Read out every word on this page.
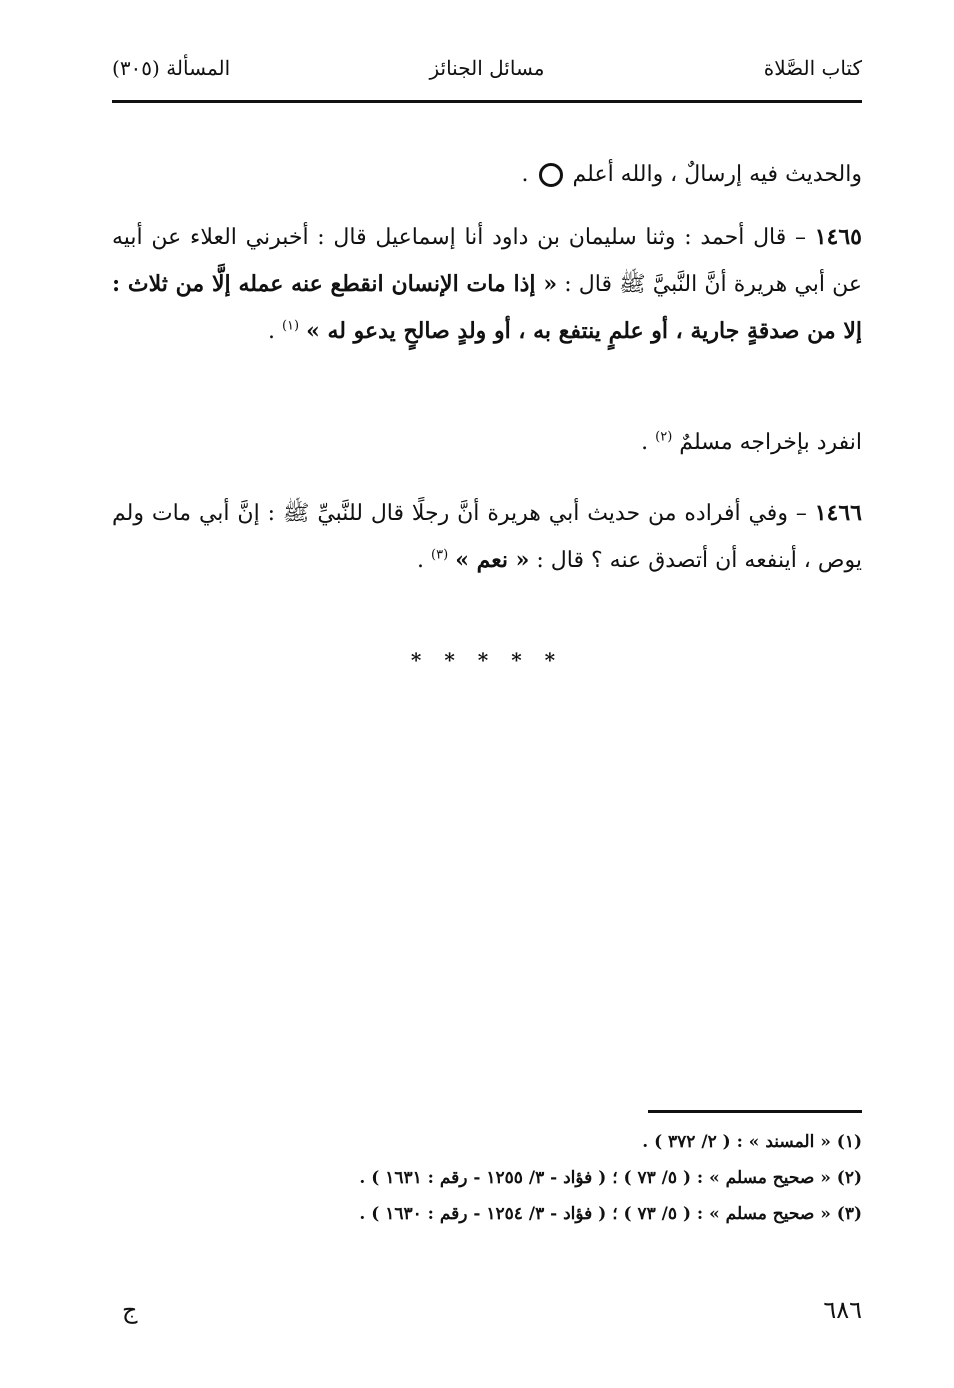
كتاب الصَّلاة
مسائل الجنائز
المسألة (٣٠٥)
والحديث فيه إرسالٌ ، والله أعلم.
١٤٦٥ – قال أحمد : وثنا سليمان بن داود أنا إسماعيل قال : أخبرني العلاء عن أبيه عن أبي هريرة أنَّ النَّبيَّ ﷺ قال : « إذا مات الإنسان انقطع عنه عمله إلَّا من ثلاث : إلا من صدقةٍ جارية ، أو علمٍ ينتفع به ، أو ولدٍ صالحٍ يدعو له » $^{(١)}$ .
انفرد بإخراجه مسلمٌ $^{(٢)}$ .
١٤٦٦ – وفي أفراده من حديث أبي هريرة أنَّ رجلًا قال للنَّبيِّ ﷺ : إنَّ أبي مات ولم يوص ، أينفعه أن أتصدق عنه ؟ قال : « نعم » $^{(٣)}$ .
* * * * *
(١) « المسند » : ( ٢/ ٣٧٢ ) .
(٢) « صحيح مسلم » : ( ٥/ ٧٣ ) ؛ ( فؤاد - ٣/ ١٢٥٥ - رقم : ١٦٣١ ) .
(٣) « صحيح مسلم » : ( ٥/ ٧٣ ) ؛ ( فؤاد - ٣/ ١٢٥٤ - رقم : ١٦٣٠ ) .
٦٨٦
ج
